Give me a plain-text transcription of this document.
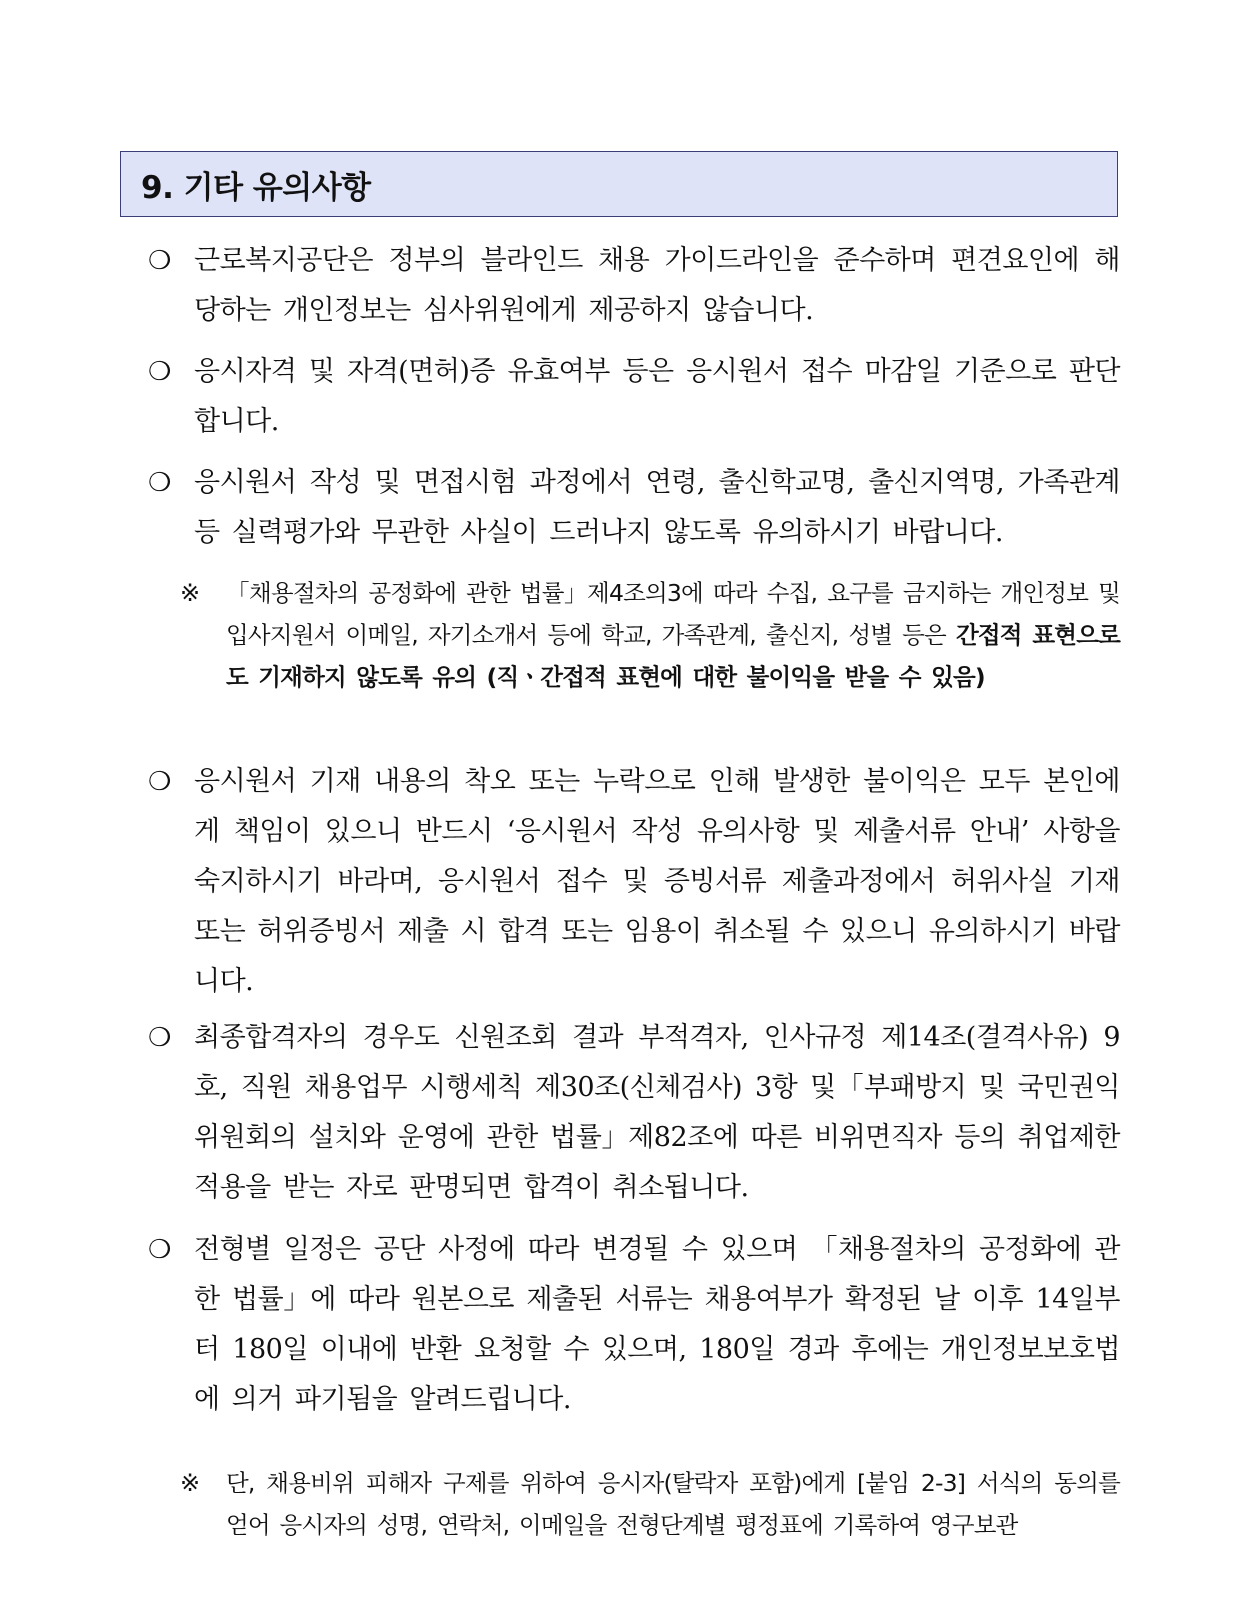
9. 기타 유의사항
❍ 근로복지공단은 정부의 블라인드 채용 가이드라인을 준수하며 편견요인에 해당하는 개인정보는 심사위원에게 제공하지 않습니다.
❍ 응시자격 및 자격(면허)증 유효여부 등은 응시원서 접수 마감일 기준으로 판단합니다.
❍ 응시원서 작성 및 면접시험 과정에서 연령, 출신학교명, 출신지역명, 가족관계 등 실력평가와 무관한 사실이 드러나지 않도록 유의하시기 바랍니다.
※ 「채용절차의 공정화에 관한 법률」제4조의3에 따라 수집, 요구를 금지하는 개인정보 및 입사지원서 이메일, 자기소개서 등에 학교, 가족관계, 출신지, 성별 등은 간접적 표현으로도 기재하지 않도록 유의 (직ㆍ간접적 표현에 대한 불이익을 받을 수 있음)
❍ 응시원서 기재 내용의 착오 또는 누락으로 인해 발생한 불이익은 모두 본인에게 책임이 있으니 반드시 ‘응시원서 작성 유의사항 및 제출서류 안내’ 사항을 숙지하시기 바라며, 응시원서 접수 및 증빙서류 제출과정에서 허위사실 기재 또는 허위증빙서 제출 시 합격 또는 임용이 취소될 수 있으니 유의하시기 바랍니다.
❍ 최종합격자의 경우도 신원조회 결과 부적격자, 인사규정 제14조(결격사유) 9호, 직원 채용업무 시행세칙 제30조(신체검사) 3항 및「부패방지 및 국민권익위원회의 설치와 운영에 관한 법률」제82조에 따른 비위면직자 등의 취업제한 적용을 받는 자로 판명되면 합격이 취소됩니다.
❍ 전형별 일정은 공단 사정에 따라 변경될 수 있으며 「채용절차의 공정화에 관한 법률」에 따라 원본으로 제출된 서류는 채용여부가 확정된 날 이후 14일부터 180일 이내에 반환 요청할 수 있으며, 180일 경과 후에는 개인정보보호법에 의거 파기됨을 알려드립니다.
※ 단, 채용비위 피해자 구제를 위하여 응시자(탈락자 포함)에게 [붙임 2-3] 서식의 동의를 얻어 응시자의 성명, 연락처, 이메일을 전형단계별 평정표에 기록하여 영구보관
